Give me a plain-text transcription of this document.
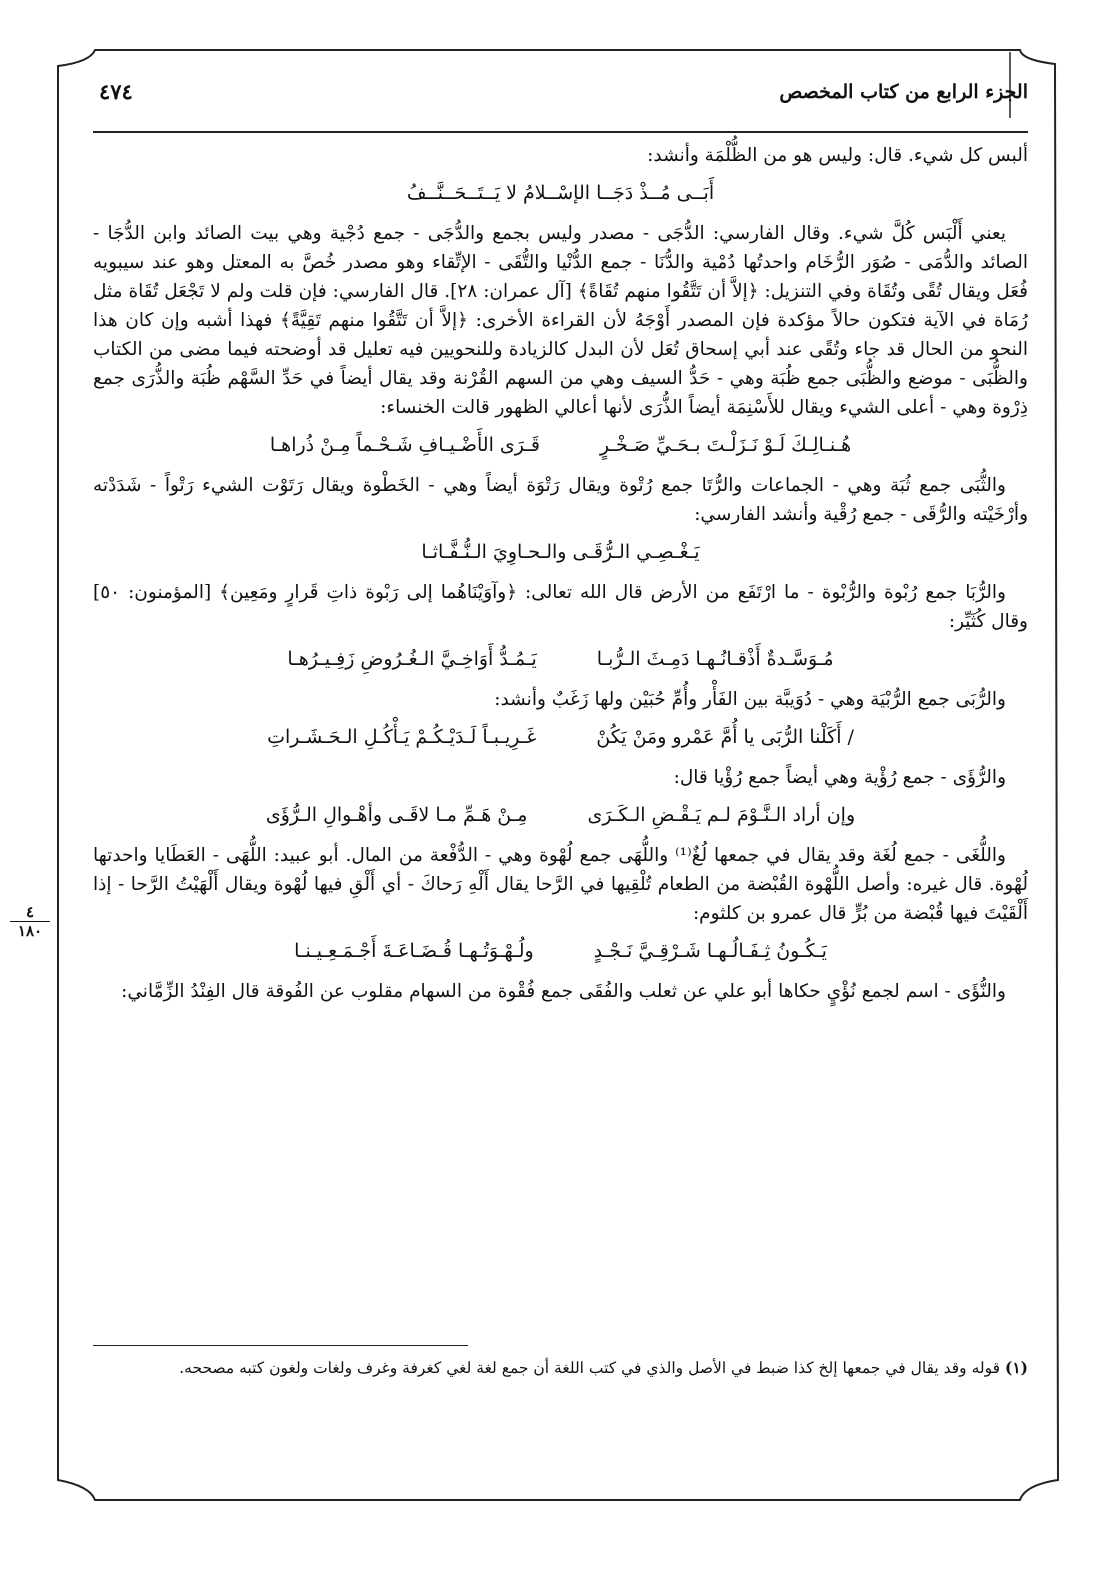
الجزء الرابع من كتاب المخصص
٤٧٤
٤
١٨٠

ألبس كل شيء. قال: وليس هو من الظُّلْمَة وأنشد:

أَبَــى مُــذْ دَجَــا الإسْــلامُ لا يَــتَــحَــنَّــفُ

يعني أَلْبَس كُلَّ شيء. وقال الفارسي: الدُّجَى - مصدر وليس بجمع والدُّجَى - جمع دُجْية وهي بيت الصائد وابن الدُّجَا - الصائد والدُّمَى - صُوَر الرُّخَام واحدتُها دُمْية والدُّنَا - جمع الدُّنْيا والتُّقَى - الإتِّقاء وهو مصدر خُصَّ به المعتل وهو عند سيبويه فُعَل ويقال تُقًى وتُقَاة وفي التنزيل: ﴿إلاَّ أن تَتَّقُوا منهم تُقَاةً﴾ [آل عمران: ٢٨]. قال الفارسي: فإن قلت ولم لا تَجْعَل تُقَاة مثل رُمَاة في الآية فتكون حالاً مؤكدة فإن المصدر أَوْجَهُ لأن القراءة الأخرى: ﴿إلاَّ أن تَتَّقُوا منهم تَقِيَّةً﴾ فهذا أشبه وإن كان هذا النحو من الحال قد جاء وتُقًى عند أبي إسحاق تُعَل لأن البدل كالزيادة وللنحويين فيه تعليل قد أوضحته فيما مضى من الكتاب والظُّبَى - موضع والظُّبَى جمع ظُبَة وهي - حَدُّ السيف وهي من السهم القُرْنة وقد يقال أيضاً في حَدِّ السَّهْم ظُبَة والذُّرَى جمع ذِرْوة وهي - أعلى الشيء ويقال للأَسْنِمَة أيضاً الذُّرَى لأنها أعالي الظهور قالت الخنساء:

هُـنـالِـكَ لَـوْ نَـزَلْـتَ بـحَـيِّ صَـخْـرٍ
قَـرَى الأَضْـيـافِ شَـحْـماً مِـنْ ذُراهـا

والثُّبَى جمع ثُبَة وهي - الجماعات والرُّتَا جمع رُتْوة ويقال رَتْوَة أيضاً وهي - الخَطْوة ويقال رَتَوْت الشيء رَتْواً - شَدَدْته وأرْخَيْته والرُّقَى - جمع رُقْية وأنشد الفارسي:

يَـغْـصِـي الـرُّقَـى والـحـاوِيَ الـنُّـفَّـاثـا

والرُّبَا جمع رُبْوة والرُّبْوة - ما ارْتَفَع من الأرض قال الله تعالى: ﴿وآوَيْنَاهُما إلى رَبْوة ذاتِ قَرارٍ ومَعِين﴾ [المؤمنون: ٥٠] وقال كُثَيِّر:

مُـوَسَّـدةٌ أَذْقـانُـهـا دَمِـثَ الـرُّبـا
يَـمُـدُّ أَوَاخِـيَّ الـغُـرُوضِ زَفِـيـرُهـا

والرُّبَى جمع الرُّبْيَة وهي - دُوَيبَّة بين الفَأْر وأُمِّ حُبَيْن ولها زَغَبٌ وأنشد:

/ أَكَلْنا الرُّبَى يا أُمَّ عَمْرو ومَنْ يَكُنْ
غَـرِيـبـاً لَـدَيْـكُـمْ يَـأْكُـلِ الـحَـشَـراتِ

والرُّؤَى - جمع رُؤْية وهي أيضاً جمع رُؤْيا قال:

وإن أراد الـنَّـوْمَ لـم يَـقْـضِ الـكَـرَى
مِـنْ هَـمِّ مـا لاقَـى وأهْـوالِ الـرُّؤَى

واللُّغَى - جمع لُغَة وقد يقال في جمعها لُغٌ⁽¹⁾ واللُّهَى جمع لُهْوة وهي - الدُّفْعة من المال. أبو عبيد: اللُّهَى - العَطَايا واحدتها لُهْوة. قال غيره: وأصل اللُّهْوة القُبْضة من الطعام تُلْقِيها في الرَّحا يقال أَلْهِ رَحاكَ - أي أَلْقِ فيها لُهْوة ويقال أَلْهَيْتُ الرَّحا - إذا أَلْقَيْتَ فيها قُبْضة من بُرٍّ قال عمرو بن كلثوم:

يَـكُـونُ ثِـفَـالُـهـا شَـرْقِـيَّ نَـجْـدٍ
ولُـهْـوَتُـهـا قُـضَـاعَـةَ أَجْـمَـعِـيـنـا

والنُّؤَى - اسم لجمع نُؤْيٍ حكاها أبو علي عن ثعلب والفُقَى جمع فُقْوة من السهام مقلوب عن الفُوقة قال الفِنْدُ الزِّمَّاني:

(١) قوله وقد يقال في جمعها إلخ كذا ضبط في الأصل والذي في كتب اللغة أن جمع لغة لغي كغرفة وغرف ولغات ولغون كتبه مصححه.
